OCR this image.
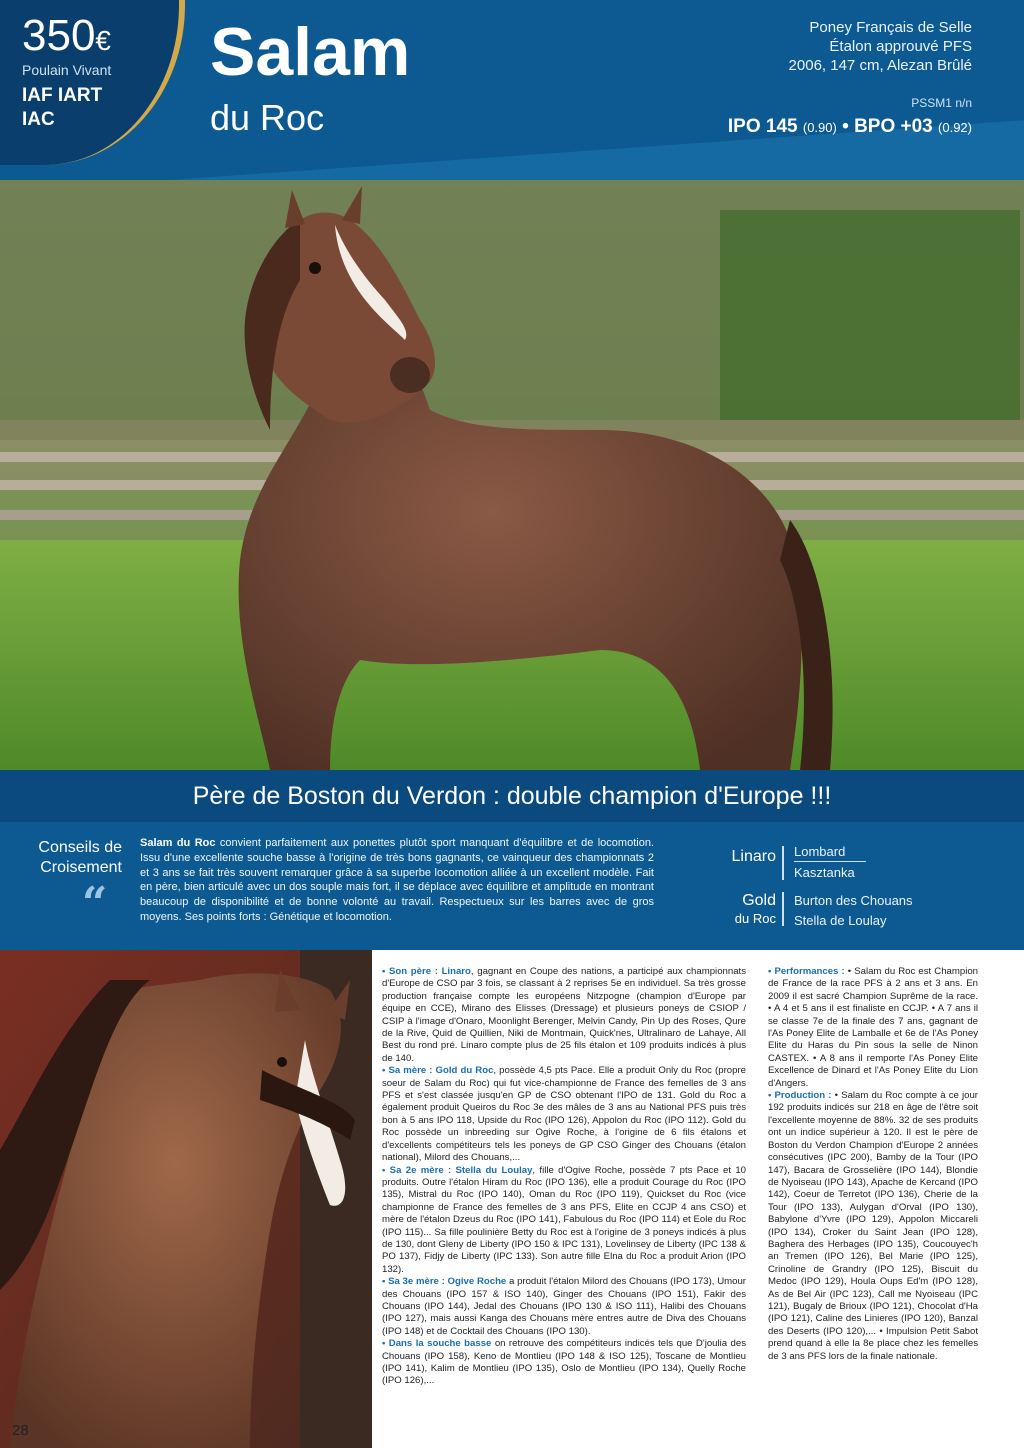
350€
Poulain Vivant
IAF IART
IAC
Salam
du Roc
Poney Français de Selle
Étalon approuvé PFS
2006, 147 cm, Alezan Brûlé
PSSM1 n/n
IPO 145 (0.90) • BPO +03 (0.92)
Père de Boston du Verdon : double champion d'Europe !!!
Conseils de
Croisement
“
Salam du Roc convient parfaitement aux ponettes plutôt sport manquant d'équilibre et de locomotion. Issu d'une excellente souche basse à l'origine de très bons gagnants, ce vainqueur des championnats 2 et 3 ans se fait très souvent remarquer grâce à sa superbe locomotion alliée à un excellent modèle. Fait en père, bien articulé avec un dos souple mais fort, il se déplace avec équilibre et amplitude en montrant beaucoup de disponibilité et de bonne volonté au travail. Respectueux sur les barres avec de gros moyens. Ses points forts : Génétique et locomotion.
Linaro Lombard
Kasztanka
Gold
du Roc
Burton des Chouans
Stella de Loulay

• Son père : Linaro, gagnant en Coupe des nations, a participé aux championnats d'Europe de CSO par 3 fois, se classant à 2 reprises 5e en individuel. Sa très grosse production française compte les européens Nitzpogne (champion d'Europe par équipe en CCE), Mirano des Elisses (Dressage) et plusieurs poneys de CSIOP / CSIP à l'image d'Onaro, Moonlight Berenger, Melvin Candy, Pin Up des Roses, Qure de la Rive, Quid de Quillien, Niki de Montmain, Quick'nes, Ultralinaro de Lahaye, All Best du rond pré. Linaro compte plus de 25 fils étalon et 109 produits indicés à plus de 140.

• Sa mère : Gold du Roc, possède 4,5 pts Pace. Elle a produit Only du Roc (propre soeur de Salam du Roc) qui fut vice-championne de France des femelles de 3 ans PFS et s'est classée jusqu'en GP de CSO obtenant l'IPO de 131. Gold du Roc a également produit Queiros du Roc 3e des mâles de 3 ans au National PFS puis très bon à 5 ans IPO 118, Upside du Roc (IPO 126), Appolon du Roc (IPO 112). Gold du Roc possède un inbreeding sur Ogive Roche, à l'origine de 6 fils étalons et d'excellents compétiteurs tels les poneys de GP CSO Ginger des Chouans (étalon national), Milord des Chouans,...

• Sa 2e mère : Stella du Loulay, fille d'Ogive Roche, possède 7 pts Pace et 10 produits. Outre l'étalon Hiram du Roc (IPO 136), elle a produit Courage du Roc (IPO 135), Mistral du Roc (IPO 140), Oman du Roc (IPO 119), Quickset du Roc (vice championne de France des femelles de 3 ans PFS, Elite en CCJP 4 ans CSO) et mère de l'étalon Dzeus du Roc (IPO 141), Fabulous du Roc (IPO 114) et Eole du Roc (IPO 115)... Sa fille poulinière Betty du Roc est à l'origine de 3 poneys indicés à plus de 130, dont Gleny de Liberty (IPO 150 & IPC 131), Lovelinsey de Liberty (IPC 138 & PO 137), Fidjy de Liberty (IPC 133). Son autre fille Elna du Roc a produit Arion (IPO 132).

• Sa 3e mère : Ogive Roche a produit l'étalon Milord des Chouans (IPO 173), Umour des Chouans (IPO 157 & ISO 140), Ginger des Chouans (IPO 151), Fakir des Chouans (IPO 144), Jedal des Chouans (IPO 130 & ISO 111), Halibi des Chouans (IPO 127), mais aussi Kanga des Chouans mère entres autre de Diva des Chouans (IPO 148) et de Cocktail des Chouans (IPO 130).

• Dans la souche basse on retrouve des compétiteurs indicés tels que D'joulia des Chouans (IPO 158), Keno de Montlieu (IPO 148 & ISO 125), Toscane de Montlieu (IPO 141), Kalim de Montlieu (IPO 135), Oslo de Montlieu (IPO 134), Quelly Roche (IPO 126),...

• Performances : • Salam du Roc est Champion de France de la race PFS à 2 ans et 3 ans. En 2009 il est sacré Champion Suprême de la race. • A 4 et 5 ans il est finaliste en CCJP. • A 7 ans il se classe 7e de la finale des 7 ans, gagnant de l'As Poney Elite de Lamballe et 6e de l'As Poney Elite du Haras du Pin sous la selle de Ninon CASTEX. • A 8 ans il remporte l'As Poney Elite Excellence de Dinard et l'As Poney Elite du Lion d'Angers.

• Production : • Salam du Roc compte à ce jour 192 produits indicés sur 218 en âge de l'être soit l'excellente moyenne de 88%. 32 de ses produits ont un indice supérieur à 120. Il est le père de Boston du Verdon Champion d'Europe 2 années consécutives (IPC 200), Bamby de la Tour (IPO 147), Bacara de Grosselière (IPO 144), Blondie de Nyoiseau (IPO 143), Apache de Kercand (IPO 142), Coeur de Terretot (IPO 136), Cherie de la Tour (IPO 133), Aulygan d'Orval (IPO 130), Babylone d'Yvre (IPO 129), Appolon Miccareli (IPO 134), Croker du Saint Jean (IPO 128), Baghera des Herbages (IPO 135), Coucouyec'h an Tremen (IPO 126), Bel Marie (IPO 125), Crinoline de Grandry (IPO 125), Biscuit du Medoc (IPO 129), Houla Oups Ed'm (IPO 128), As de Bel Air (IPC 123), Call me Nyoiseau (IPC 121), Bugaly de Brioux (IPO 121), Chocolat d'Ha (IPO 121), Caline des Linieres (IPO 120), Banzal des Deserts (IPO 120),... • Impulsion Petit Sabot prend quand à elle la 8e place chez les femelles de 3 ans PFS lors de la finale nationale.

28
